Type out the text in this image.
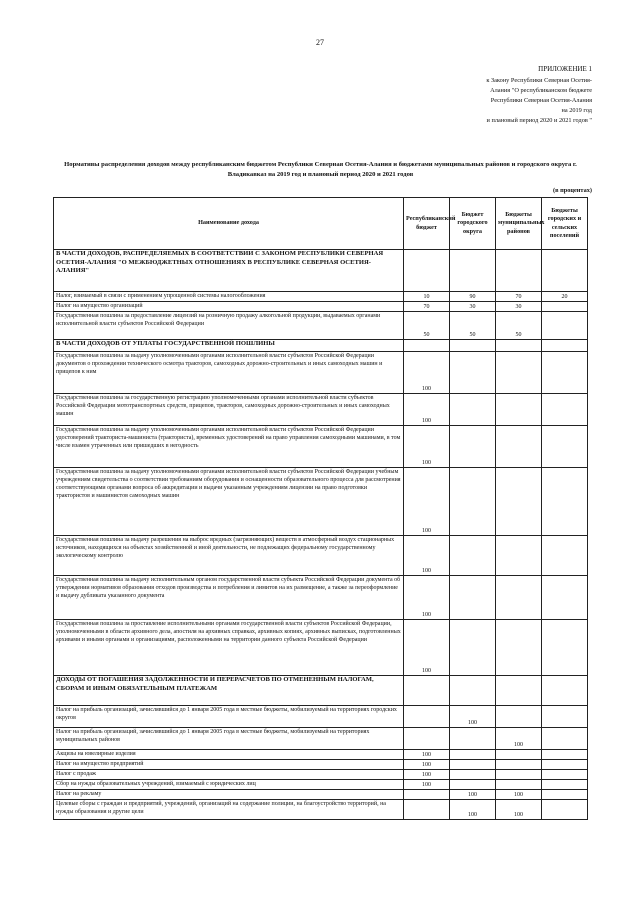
27
ПРИЛОЖЕНИЕ 1
к Закону Республики Северная Осетия-
Алания "О республиканском бюджете
Республики Северная Осетия-Алания
на 2019 год
и плановый период 2020 и 2021 годов "
Нормативы распределения доходов между республиканским бюджетом Республики Северная Осетия-Алания и бюджетами муниципальных районов и городского округа г. Владикавказ на 2019 год и плановый период 2020 и 2021 годов
(в процентах)
Наименование дохода	Республиканский бюджет	Бюджет городского округа	Бюджеты муниципальных районов	Бюджеты городских и сельских поселений
В ЧАСТИ ДОХОДОВ, РАСПРЕДЕЛЯЕМЫХ В СООТВЕТСТВИИ С ЗАКОНОМ РЕСПУБЛИКИ СЕВЕРНАЯ ОСЕТИЯ-АЛАНИЯ "О МЕЖБЮДЖЕТНЫХ ОТНОШЕНИЯХ В РЕСПУБЛИКЕ СЕВЕРНАЯ ОСЕТИЯ-АЛАНИЯ"				
Налог, взимаемый в связи с применением упрощенной системы налогообложения	10	90	70	20
Налог на имущество организаций	70	30	30	
Государственная пошлина за предоставление лицензий на розничную продажу алкогольной продукции, выдаваемых органами исполнительной власти субъектов Российской Федерации	50	50	50	
В ЧАСТИ ДОХОДОВ ОТ УПЛАТЫ ГОСУДАРСТВЕННОЙ ПОШЛИНЫ				
Государственная пошлина за выдачу уполномоченными органами исполнительной власти субъектов Российской Федерации документов о прохождении технического осмотра тракторов, самоходных дорожно-строительных и иных самоходных машин и прицепов к ним	100			
Государственная пошлина за государственную регистрацию уполномоченными органами исполнительной власти субъектов Российской Федерации мототранспортных средств, прицепов, тракторов, самоходных дорожно-строительных и иных самоходных машин	100			
Государственная пошлина за выдачу уполномоченными органами исполнительной власти субъектов Российской Федерации удостоверений тракториста-машиниста (тракториста), временных удостоверений на право управления самоходными машинами, в том числе взамен утраченных или пришедших в негодность	100			
Государственная пошлина за выдачу уполномоченными органами исполнительной власти субъектов Российской Федерации учебным учреждениям свидетельства о соответствии требованиям оборудования и оснащенности образовательного процесса для рассмотрения соответствующими органами вопроса об аккредитации и выдачи указанным учреждениям лицензии на право подготовки трактористов и машинистов самоходных машин	100			
Государственная пошлина за выдачу разрешения на выброс вредных (загрязняющих) веществ в атмосферный воздух стационарных источников, находящихся на объектах хозяйственной и иной деятельности, не подлежащих федеральному государственному экологическому контролю	100			
Государственная пошлина за выдачу исполнительным органом государственной власти субъекта Российской Федерации документа об утверждении нормативов образования отходов производства и потребления и лимитов на их размещение, а также за переоформление и выдачу дубликата указанного документа	100			
Государственная пошлина за проставление исполнительными органами государственной власти субъектов Российской Федерации, уполномоченными в области архивного дела, апостиля на архивных справках, архивных копиях, архивных выписках, подготовленных архивами и иными органами и организациями, расположенными на территории данного субъекта Российской Федерации	100			
ДОХОДЫ ОТ ПОГАШЕНИЯ ЗАДОЛЖЕННОСТИ И ПЕРЕРАСЧЕТОВ ПО ОТМЕНЕННЫМ НАЛОГАМ, СБОРАМ И ИНЫМ ОБЯЗАТЕЛЬНЫМ ПЛАТЕЖАМ				
Налог на прибыль организаций, зачислявшийся до 1 января 2005 года в местные бюджеты, мобилизуемый на территориях городских округов		100		
Налог на прибыль организаций, зачислявшийся до 1 января 2005 года в местные бюджеты, мобилизуемый на территориях муниципальных районов			100	
Акцизы на ювелирные изделия	100			
Налог на имущество предприятий	100			
Налог с продаж	100			
Сбор на нужды образовательных учреждений, взимаемый с юридических лиц	100			
Налог на рекламу		100	100	
Целевые сборы с граждан и предприятий, учреждений, организаций на содержание полиции, на благоустройство территорий, на нужды образования и другие цели		100	100	
